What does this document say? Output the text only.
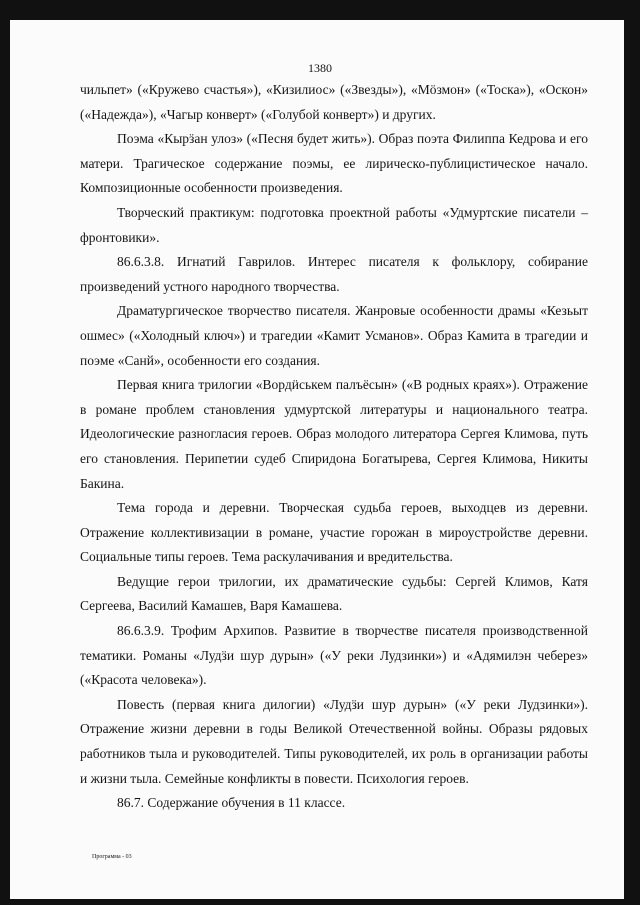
1380

чильпет» («Кружево счастья»), «Кизилиос» («Звезды»), «Мöзмон» («Тоска»), «Оскон» («Надежда»), «Чагыр конверт» («Голубой конверт») и других.

Поэма «Кырӟан улоз» («Песня будет жить»). Образ поэта Филиппа Кедрова и его матери. Трагическое содержание поэмы, ее лирическо-публицистическое начало. Композиционные особенности произведения.

Творческий практикум: подготовка проектной работы «Удмуртские писатели – фронтовики».

86.6.3.8. Игнатий Гаврилов. Интерес писателя к фольклору, собирание произведений устного народного творчества.

Драматургическое творчество писателя. Жанровые особенности драмы «Кезьыт ошмес» («Холодный ключ») и трагедии «Камит Усманов». Образ Камита в трагедии и поэме «Санй», особенности его создания.

Первая книга трилогии «Вордӥськем палъёсын» («В родных краях»). Отражение в романе проблем становления удмуртской литературы и национального театра. Идеологические разногласия героев. Образ молодого литератора Сергея Климова, путь его становления. Перипетии судеб Спиридона Богатырева, Сергея Климова, Никиты Бакина.

Тема города и деревни. Творческая судьба героев, выходцев из деревни. Отражение коллективизации в романе, участие горожан в мироустройстве деревни. Социальные типы героев. Тема раскулачивания и вредительства.

Ведущие герои трилогии, их драматические судьбы: Сергей Климов, Катя Сергеева, Василий Камашев, Варя Камашева.

86.6.3.9. Трофим Архипов. Развитие в творчестве писателя производственной тематики. Романы «Лудӟи шур дурын» («У реки Лудзинки») и «Адямилэн чеберез» («Красота человека»).

Повесть (первая книга дилогии) «Лудӟи шур дурын» («У реки Лудзинки»). Отражение жизни деревни в годы Великой Отечественной войны. Образы рядовых работников тыла и руководителей. Типы руководителей, их роль в организации работы и жизни тыла. Семейные конфликты в повести. Психология героев.

86.7. Содержание обучения в 11 классе.

Программа - 03
